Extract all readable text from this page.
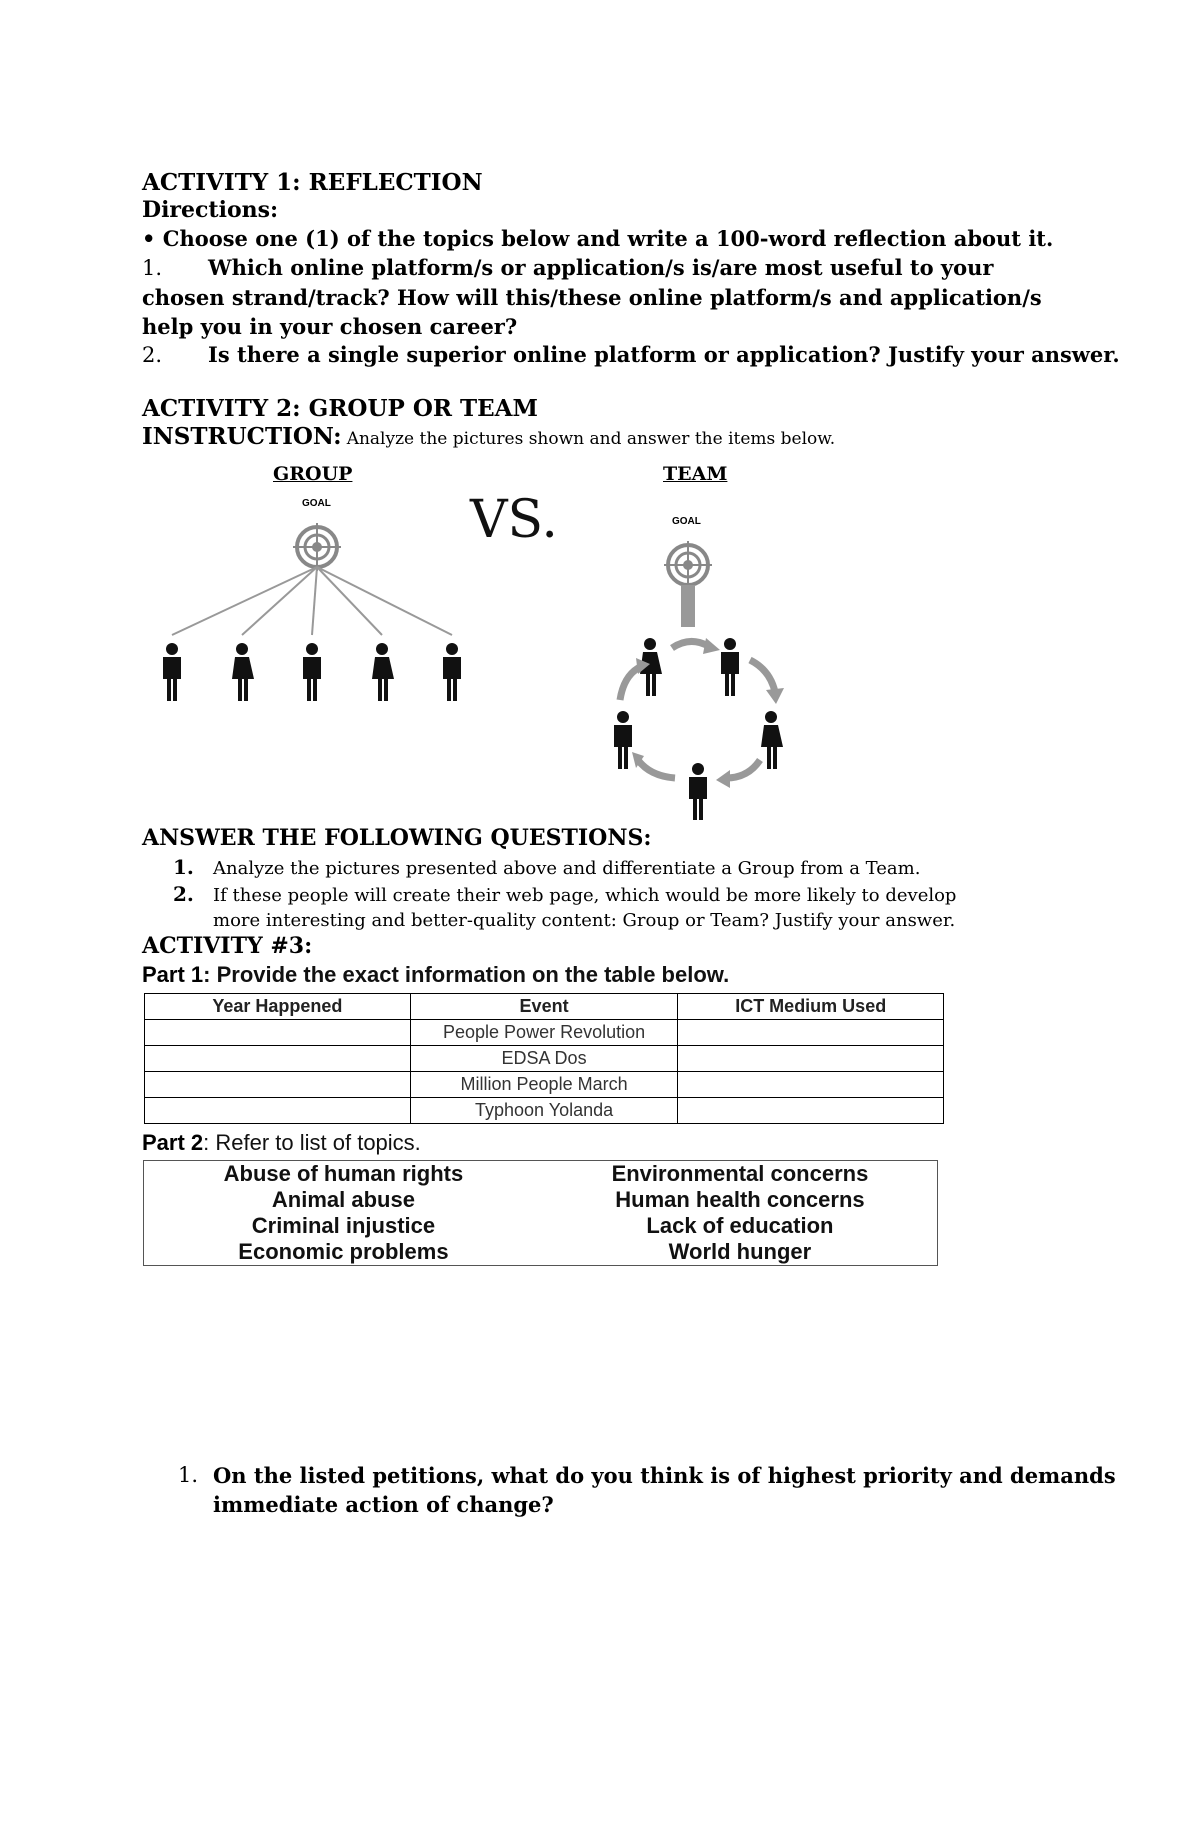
ACTIVITY 1: REFLECTION
Directions:
• Choose one (1) of the topics below and write a 100-word reflection about it.
1. Which online platform/s or application/s is/are most useful to your chosen strand/track? How will this/these online platform/s and application/s help you in your chosen career?
2. Is there a single superior online platform or application? Justify your answer.
ACTIVITY 2: GROUP OR TEAM
INSTRUCTION: Analyze the pictures shown and answer the items below.
GROUP	TEAM
GOAL
GOAL
VS.
ANSWER THE FOLLOWING QUESTIONS:
1. Analyze the pictures presented above and differentiate a Group from a Team.
2. If these people will create their web page, which would be more likely to develop
more interesting and better-quality content: Group or Team? Justify your answer.
ACTIVITY #3:
Part 1: Provide the exact information on the table below.
Year Happened	Event	ICT Medium Used
	People Power Revolution	
	EDSA Dos	
	Million People March	
	Typhoon Yolanda	
Part 2: Refer to list of topics.
Abuse of human rights	Environmental concerns
Animal abuse	Human health concerns
Criminal injustice	Lack of education
Economic problems	World hunger
1. On the listed petitions, what do you think is of highest priority and demands
immediate action of change?
